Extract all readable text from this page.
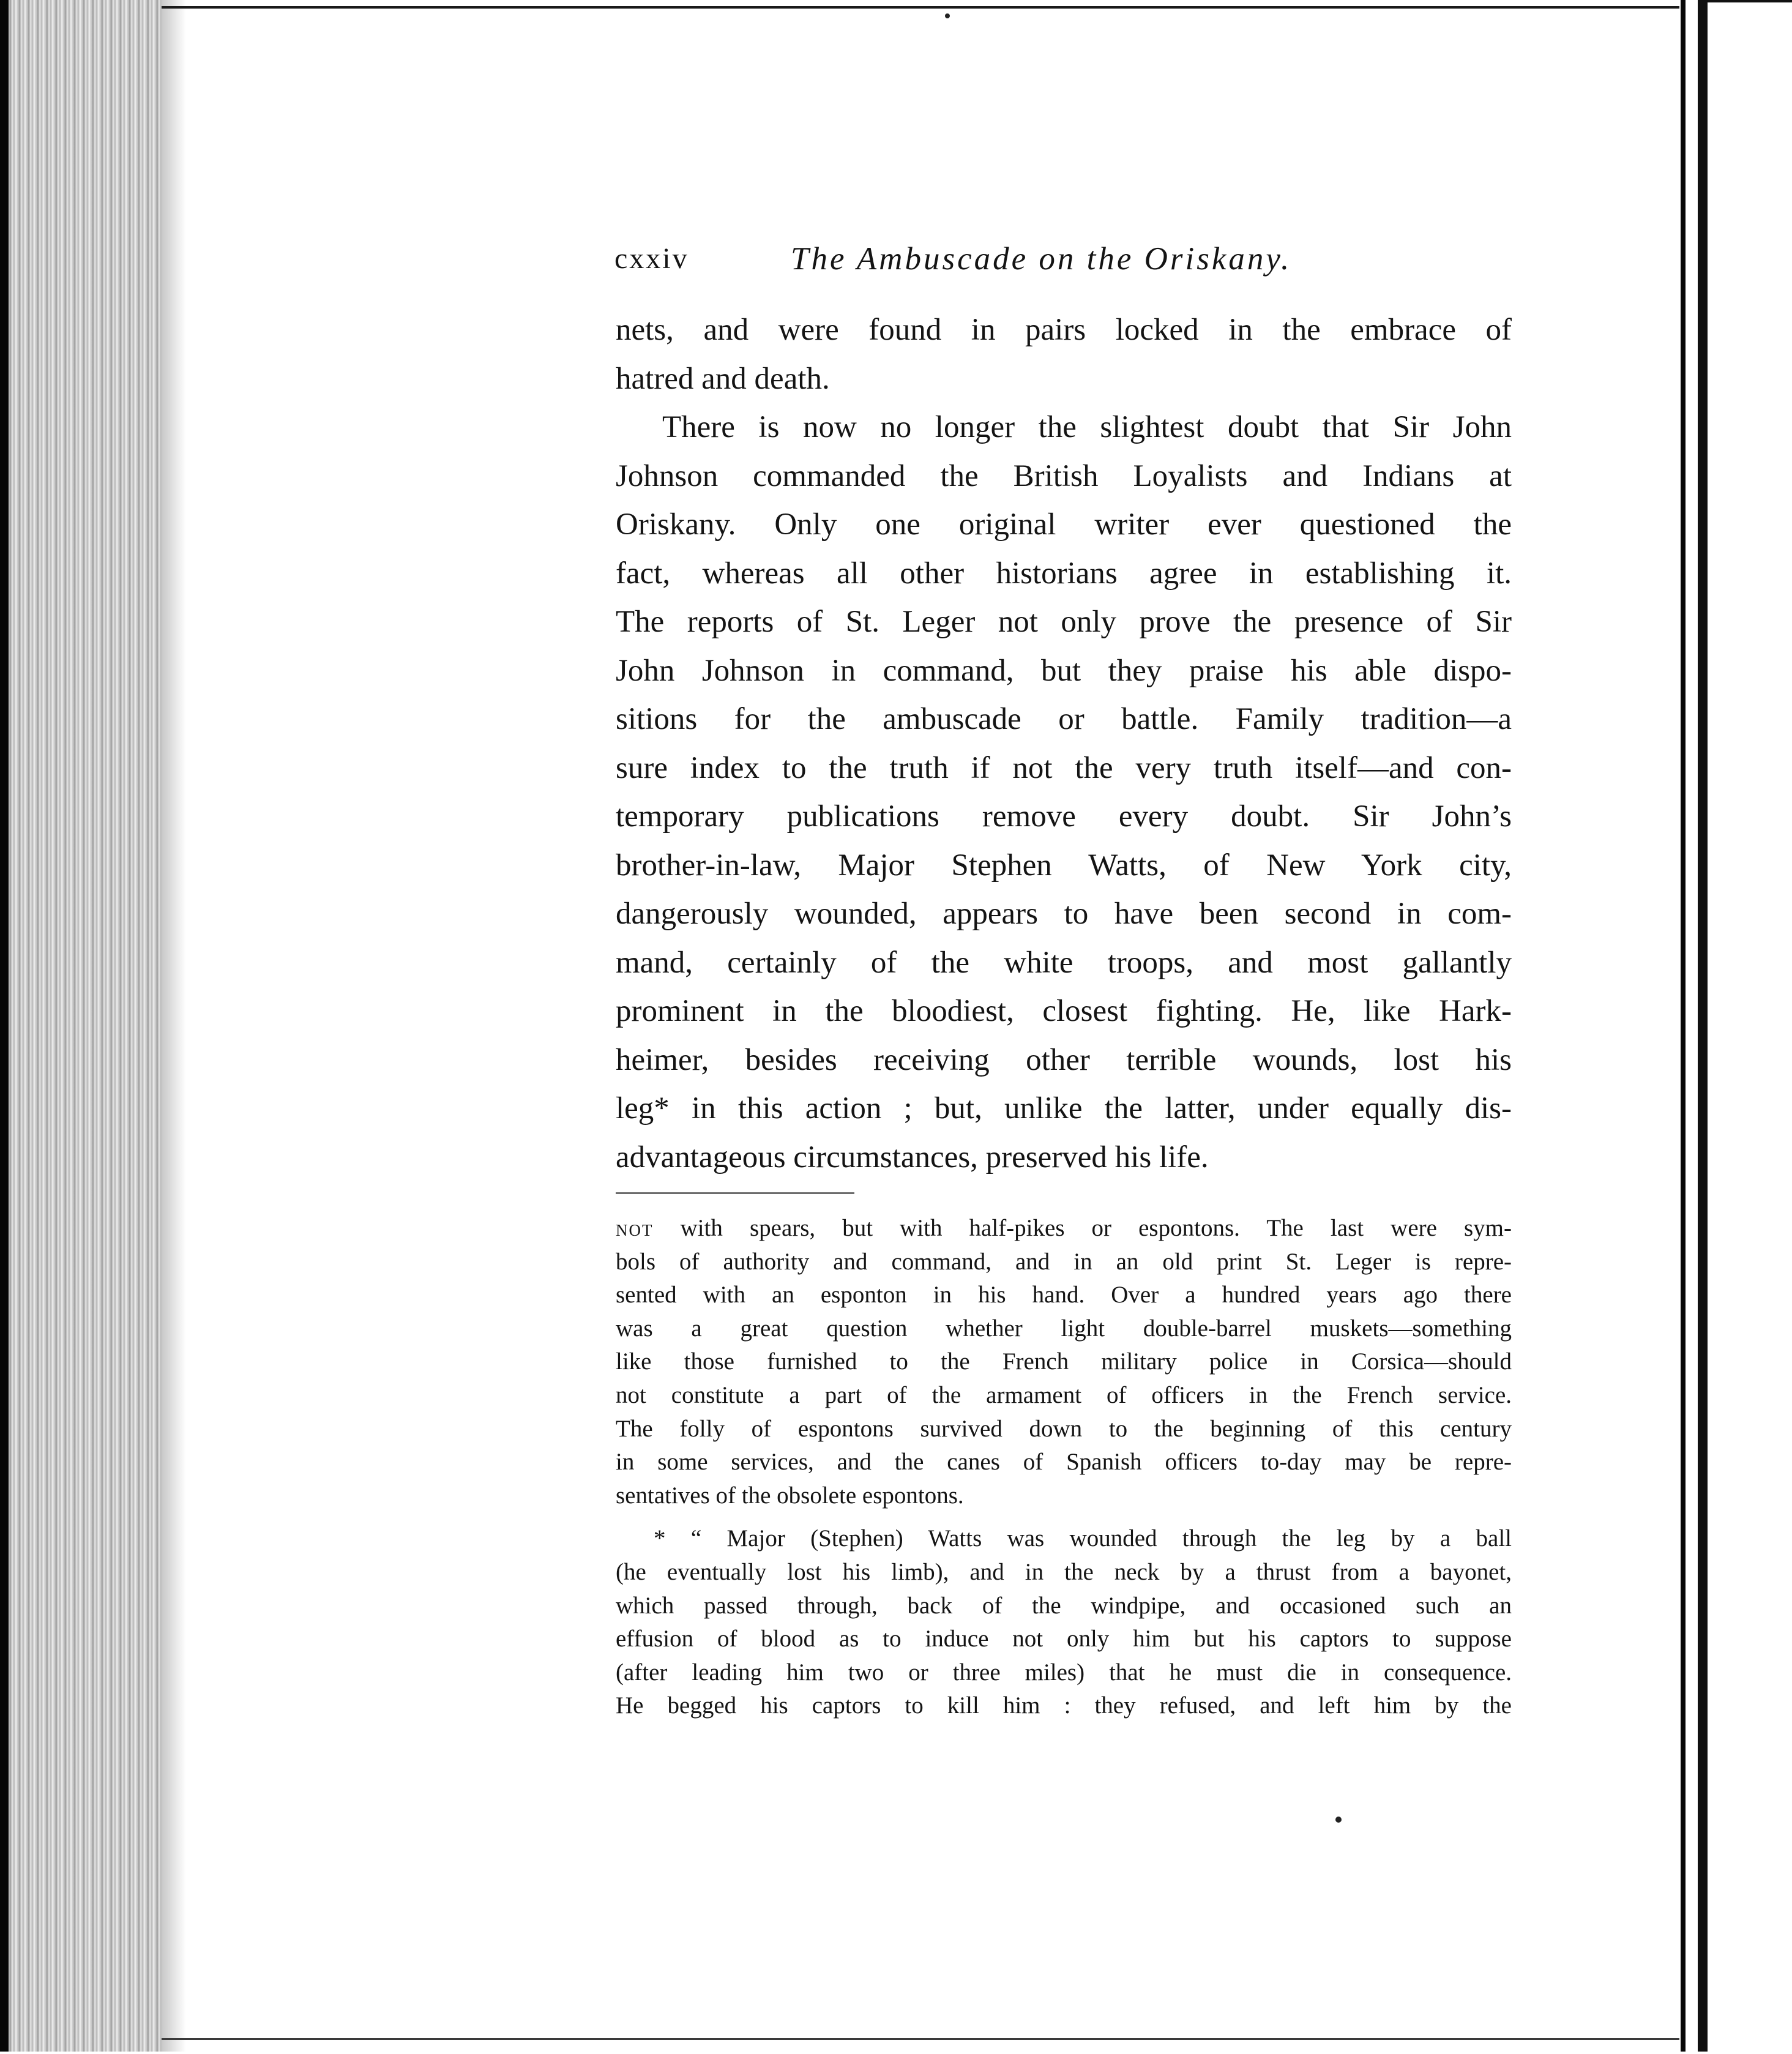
cxxiv	The Ambuscade on the Oriskany.
nets, and were found in pairs locked in the embrace of
hatred and death.
There is now no longer the slightest doubt that Sir John
Johnson commanded the British Loyalists and Indians at
Oriskany. Only one original writer ever questioned the
fact, whereas all other historians agree in establishing it.
The reports of St. Leger not only prove the presence of Sir
John Johnson in command, but they praise his able dispo-
sitions for the ambuscade or battle. Family tradition—a
sure index to the truth if not the very truth itself—and con-
temporary publications remove every doubt. Sir John’s
brother-in-law, Major Stephen Watts, of New York city,
dangerously wounded, appears to have been second in com-
mand, certainly of the white troops, and most gallantly
prominent in the bloodiest, closest fighting. He, like Hark-
heimer, besides receiving other terrible wounds, lost his
leg* in this action ; but, unlike the latter, under equally dis-
advantageous circumstances, preserved his life.
not with spears, but with half-pikes or espontons. The last were sym-
bols of authority and command, and in an old print St. Leger is repre-
sented with an esponton in his hand. Over a hundred years ago there
was a great question whether light double-barrel muskets—something
like those furnished to the French military police in Corsica—should
not constitute a part of the armament of officers in the French service.
The folly of espontons survived down to the beginning of this century
in some services, and the canes of Spanish officers to-day may be repre-
sentatives of the obsolete espontons.
* “ Major (Stephen) Watts was wounded through the leg by a ball
(he eventually lost his limb), and in the neck by a thrust from a bayonet,
which passed through, back of the windpipe, and occasioned such an
effusion of blood as to induce not only him but his captors to suppose
(after leading him two or three miles) that he must die in consequence.
He begged his captors to kill him : they refused, and left him by the
